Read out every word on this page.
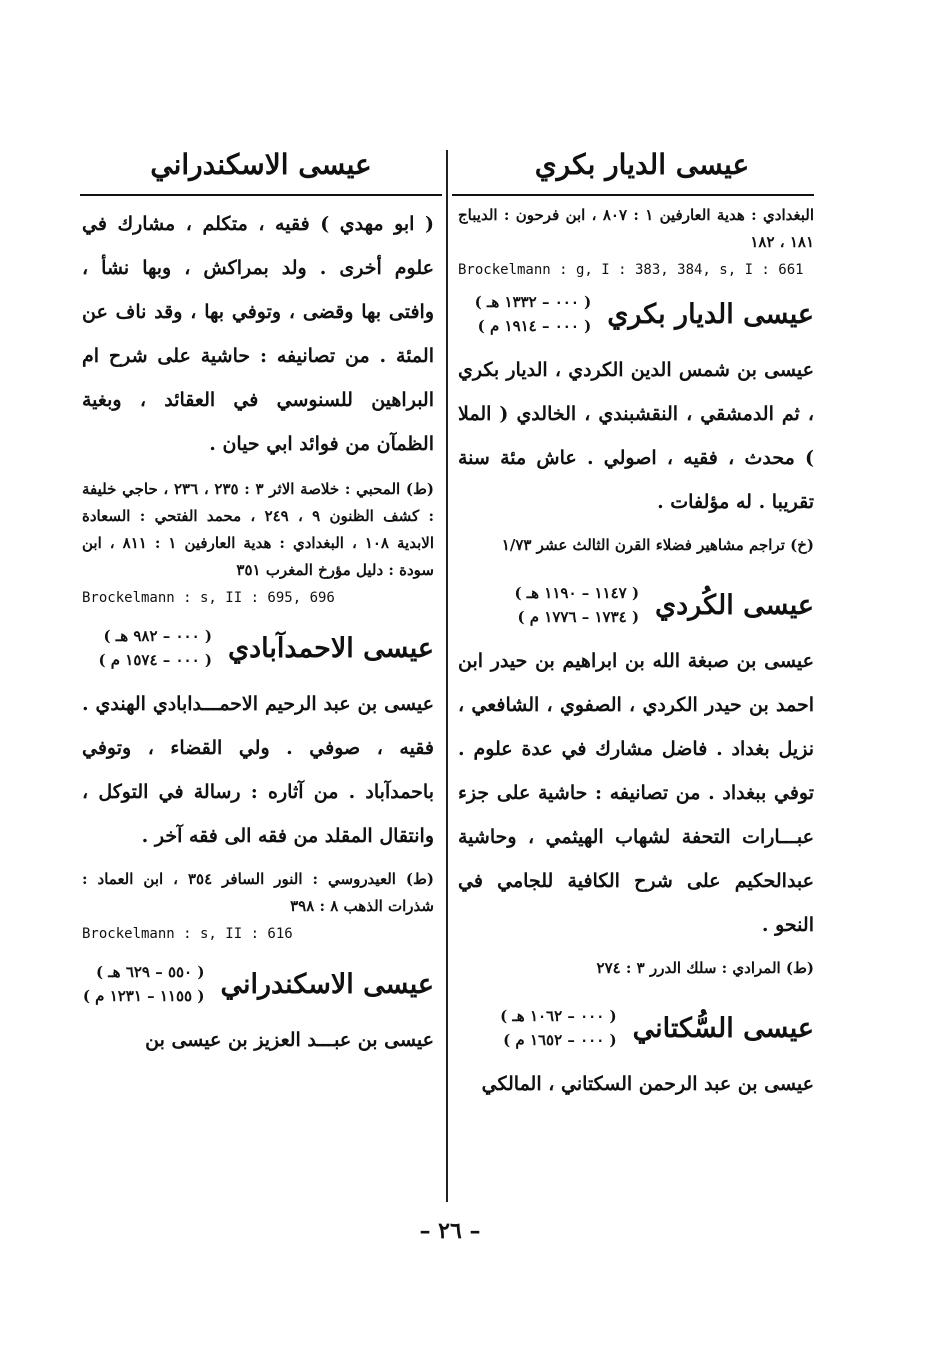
عيسى الديار بكري
عيسى الاسكندراني

البغدادي : هدية العارفين ١ : ٨٠٧ ، ابن فرحون : الديباج ١٨١ ، ١٨٢

Brockelmann : g, I : 383, 384, s, I : 661
عيسى الديار بكري
( ٠٠٠ – ١٣٣٢ هـ )
( ٠٠٠ – ١٩١٤ م )

عيسى بن شمس الدين الكردي ، الديار بكري ، ثم الدمشقي ، النقشبندي ، الخالدي ( الملا ) محدث ، فقيه ، اصولي . عاش مئة سنة تقريبا . له مؤلفات .

(خ) تراجم مشاهير فضلاء القرن الثالث عشر ١/٧٣

عيسى الكُردي
( ١١٤٧ – ١١٩٠ هـ )
( ١٧٣٤ – ١٧٧٦ م )

عيسى بن صبغة الله بن ابراهيم بن حيدر ابن احمد بن حيدر الكردي ، الصفوي ، الشافعي ، نزيل بغداد . فاضل مشارك في عدة علوم . توفي ببغداد . من تصانيفه : حاشية على جزء عبـــارات التحفة لشهاب الهيثمي ، وحاشية عبدالحكيم على شرح الكافية للجامي في النحو .

(ط) المرادي : سلك الدرر ٣ : ٢٧٤

عيسى السُّكتاني
( ٠٠٠ – ١٠٦٢ هـ )
( ٠٠٠ – ١٦٥٢ م )

عيسى بن عبد الرحمن السكتاني ، المالكي

( ابو مهدي ) فقيه ، متكلم ، مشارك في علوم أخرى . ولد بمراكش ، وبها نشأ ، وافتى بها وقضى ، وتوفي بها ، وقد ناف عن المئة . من تصانيفه : حاشية على شرح ام البراهين للسنوسي في العقائد ، وبغية الظمآن من فوائد ابي حيان .

(ط) المحبي : خلاصة الاثر ٣ : ٢٣٥ ، ٢٣٦ ، حاجي خليفة : كشف الظنون ٩ ، ٢٤٩ ، محمد الفتحي : السعادة الابدية ١٠٨ ، البغدادي : هدية العارفين ١ : ٨١١ ، ابن سودة : دليل مؤرخ المغرب ٣٥١

Brockelmann : s, II : 695, 696
عيسى الاحمدآبادي
( ٠٠٠ – ٩٨٢ هـ )
( ٠٠٠ – ١٥٧٤ م )

عيسى بن عبد الرحيم الاحمـــدابادي الهندي . فقيه ، صوفي . ولي القضاء ، وتوفي باحمدآباد . من آثاره : رسالة في التوكل ، وانتقال المقلد من فقه الى فقه آخر .

(ط) العيدروسي : النور السافر ٣٥٤ ، ابن العماد : شذرات الذهب ٨ : ٣٩٨

Brockelmann : s, II : 616
عيسى الاسكندراني
( ٥٥٠ – ٦٢٩ هـ )
( ١١٥٥ – ١٢٣١ م )

عيسى بن عبـــد العزيز بن عيسى بن

– ٢٦ –
